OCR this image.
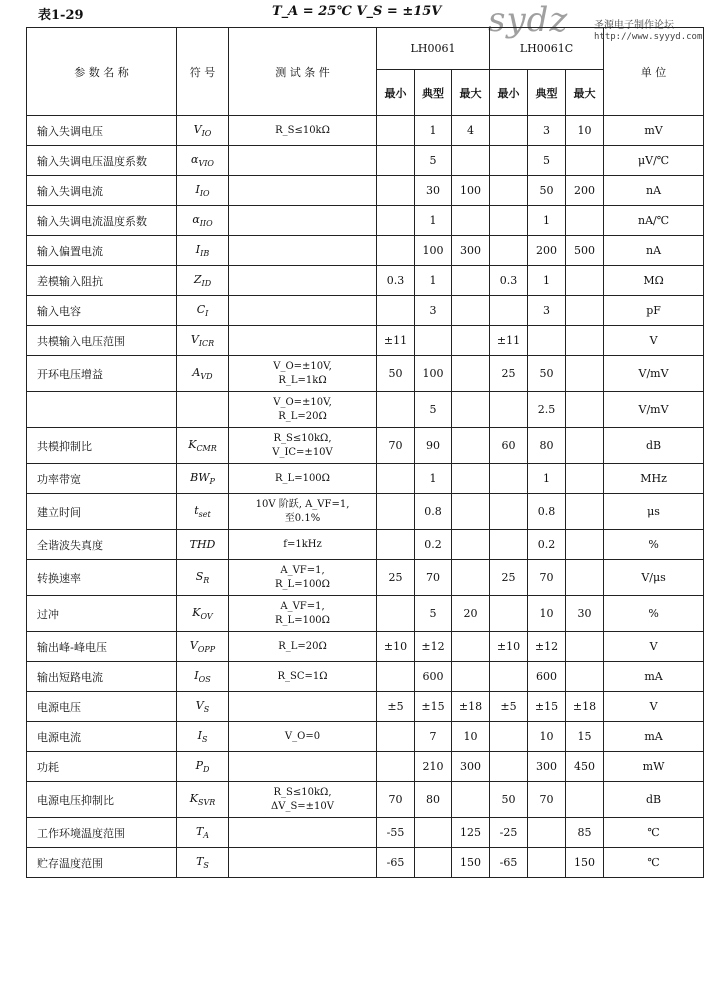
表1-29	T_A = 25℃ V_S = ±15V sydz	圣源电子制作论坛
http://www.syyyd.com
参 数 名 称	符 号	测 试 条 件	LH0061			LH0061C			单 位
			最小	典型	最大	最小	典型	最大	
输入失调电压	$V_{IO}$	R_S≤10kΩ		1	4		3	10	mV
输入失调电压温度系数	$\alpha_{VIO}$			5			5		μV/℃
输入失调电流	$I_{IO}$			30	100		50	200	nA
输入失调电流温度系数	$\alpha_{IIO}$			1			1		nA/℃
输入偏置电流	$I_{IB}$			100	300		200	500	nA
差模输入阻抗	$Z_{ID}$		0.3	1		0.3	1		MΩ
输入电容	$C_I$			3			3		pF
共模输入电压范围	$V_{ICR}$		±11			±11			V
开环电压增益	$A_{VD}$	V_O=±10V,
R_L=1kΩ	50	100		25	50		V/mV
		V_O=±10V,
R_L=20Ω		5			2.5		V/mV
共模抑制比	$K_{CMR}$	R_S≤10kΩ,
V_IC=±10V	70	90		60	80		dB
功率带宽	$BW_P$	R_L=100Ω		1			1		MHz
建立时间	$t_{set}$	10V 阶跃, A_VF=1,
至0.1%		0.8			0.8		μs
全谐波失真度	THD	f=1kHz		0.2			0.2		%
转换速率	$S_R$	A_VF=1,
R_L=100Ω	25	70		25	70		V/μs
过冲	$K_{OV}$	A_VF=1,
R_L=100Ω		5	20		10	30	%
输出峰-峰电压	$V_{OPP}$	R_L=20Ω	±10	±12		±10	±12		V
输出短路电流	$I_{OS}$	R_SC=1Ω		600			600		mA
电源电压	$V_S$		±5	±15	±18	±5	±15	±18	V
电源电流	$I_S$	V_O=0		7	10		10	15	mA
功耗	$P_D$			210	300		300	450	mW
电源电压抑制比	$K_{SVR}$	R_S≤10kΩ,
ΔV_S=±10V	70	80		50	70		dB
工作环境温度范围	$T_A$		-55		125	-25		85	℃
贮存温度范围	$T_S$		-65		150	-65		150	℃
